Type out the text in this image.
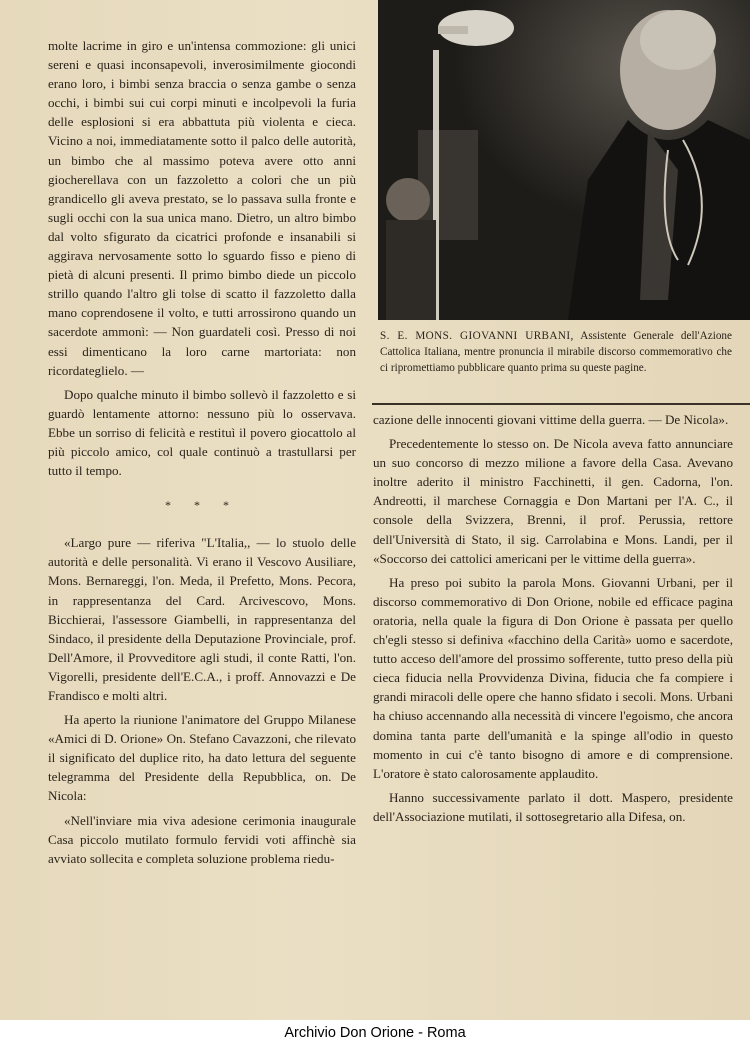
molte lacrime in giro e un'intensa commozione: gli unici sereni e quasi inconsapevoli, inverosimilmente giocondi erano loro, i bimbi senza braccia o senza gambe o senza occhi, i bimbi sui cui corpi minuti e incolpevoli la furia delle esplosioni si era abbattuta più violenta e cieca. Vicino a noi, immediatamente sotto il palco delle autorità, un bimbo che al massimo poteva avere otto anni giocherellava con un fazzoletto a colori che un più grandicello gli aveva prestato, se lo passava sulla fronte e sugli occhi con la sua unica mano. Dietro, un altro bimbo dal volto sfigurato da cicatrici profonde e insanabili si aggirava nervosamente sotto lo sguardo fisso e pieno di pietà di alcuni presenti. Il primo bimbo diede un piccolo strillo quando l'altro gli tolse di scatto il fazzoletto dalla mano coprendosene il volto, e tutti arrossirono quando un sacerdote ammonì: — Non guardateli così. Presso di noi essi dimenticano la loro carne martoriata: non ricordateglielo. —

Dopo qualche minuto il bimbo sollevò il fazzoletto e si guardò lentamente attorno: nessuno più lo osservava. Ebbe un sorriso di felicità e restituì il povero giocattolo al più piccolo amico, col quale continuò a trastullarsi per tutto il tempo.

* * *

«Largo pure — riferiva "L'Italia,, — lo stuolo delle autorità e delle personalità. Vi erano il Vescovo Ausiliare, Mons. Bernareggi, l'on. Meda, il Prefetto, Mons. Pecora, in rappresentanza del Card. Arcivescovo, Mons. Bicchierai, l'assessore Giambelli, in rappresentanza del Sindaco, il presidente della Deputazione Provinciale, prof. Dell'Amore, il Provveditore agli studi, il conte Ratti, l'on. Vigorelli, presidente dell'E.C.A., i proff. Annovazzi e De Frandisco e molti altri.

Ha aperto la riunione l'animatore del Gruppo Milanese «Amici di D. Orione» On. Stefano Cavazzoni, che rilevato il significato del duplice rito, ha dato lettura del seguente telegramma del Presidente della Repubblica, on. De Nicola:

«Nell'inviare mia viva adesione cerimonia inaugurale Casa piccolo mutilato formulo fervidi voti affinchè sia avviato sollecita e completa soluzione problema riedu-

S. E. MONS. GIOVANNI URBANI, Assistente Generale dell'Azione Cattolica Italiana, mentre pronuncia il mirabile discorso commemorativo che ci ripromettiamo pubblicare quanto prima su queste pagine.

cazione delle innocenti giovani vittime della guerra. — De Nicola».

Precedentemente lo stesso on. De Nicola aveva fatto annunciare un suo concorso di mezzo milione a favore della Casa. Avevano inoltre aderito il ministro Facchinetti, il gen. Cadorna, l'on. Andreotti, il marchese Cornaggia e Don Martani per l'A. C., il console della Svizzera, Brenni, il prof. Perussia, rettore dell'Università di Stato, il sig. Carrolabina e Mons. Landi, per il «Soccorso dei cattolici americani per le vittime della guerra».

Ha preso poi subito la parola Mons. Giovanni Urbani, per il discorso commemorativo di Don Orione, nobile ed efficace pagina oratoria, nella quale la figura di Don Orione è passata per quello ch'egli stesso si definiva «facchino della Carità» uomo e sacerdote, tutto acceso dell'amore del prossimo sofferente, tutto preso della più cieca fiducia nella Provvidenza Divina, fiducia che fa compiere i grandi miracoli delle opere che hanno sfidato i secoli. Mons. Urbani ha chiuso accennando alla necessità di vincere l'egoismo, che ancora domina tanta parte dell'umanità e la spinge all'odio in questo momento in cui c'è tanto bisogno di amore e di comprensione. L'oratore è stato calorosamente applaudito.

Hanno successivamente parlato il dott. Maspero, presidente dell'Associazione mutilati, il sottosegretario alla Difesa, on.

Archivio Don Orione - Roma
